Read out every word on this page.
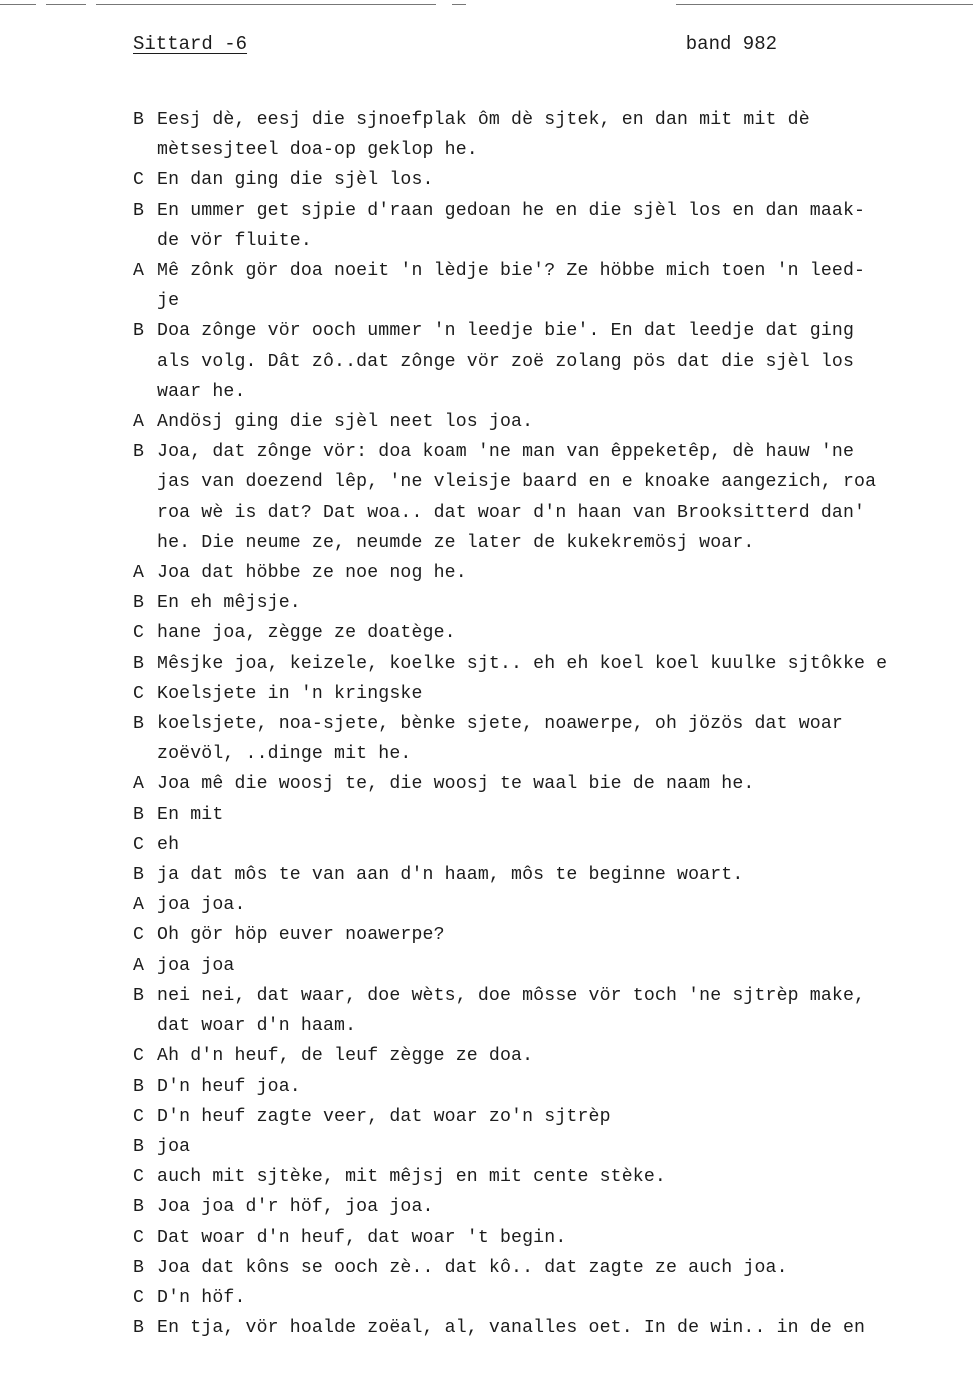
Sittard -6	band 982
B Eesj dè, eesj die sjnoefplak ôm dè sjtek, en dan mit mit dè
mètsesjteel doa-op geklop he.
C En dan ging die sjèl los.
B En ummer get sjpie d'raan gedoan he en die sjèl los en dan maak-
de vör fluite.
A Mê zônk gör doa noeit 'n lèdje bie'? Ze höbbe mich toen 'n leed-
je
B Doa zônge vör ooch ummer 'n leedje bie'. En dat leedje dat ging
als volg. Dât zô..dat zônge vör zoë zolang pös dat die sjèl los
waar he.
A Andösj ging die sjèl neet los joa.
B Joa, dat zônge vör: doa koam 'ne man van êppeketêp, dè hauw 'ne
jas van doezend lêp, 'ne vleisje baard en e knoake aangezich, roa
roa wè is dat? Dat woa.. dat woar d'n haan van Brooksitterd dan'
he. Die neume ze, neumde ze later de kukekremösj woar.
A Joa dat höbbe ze noe nog he.
B En eh mêjsje.
C hane joa, zègge ze doatège.
B Mêsjke joa, keizele, koelke sjt.. eh eh koel koel kuulke sjtôkke e
C Koelsjete in 'n kringske
B koelsjete, noa-sjete, bènke sjete, noawerpe, oh jözös dat woar
zoëvöl, ..dinge mit he.
A Joa mê die woosj te, die woosj te waal bie de naam he.
B En mit
C eh
B ja dat môs te van aan d'n haam, môs te beginne woart.
A joa joa.
C Oh gör höp euver noawerpe?
A joa joa
B nei nei, dat waar, doe wèts, doe môsse vör toch 'ne sjtrèp make,
dat woar d'n haam.
C Ah d'n heuf, de leuf zègge ze doa.
B D'n heuf joa.
C D'n heuf zagte veer, dat woar zo'n sjtrèp
B joa
C auch mit sjtèke, mit mêjsj en mit cente stèke.
B Joa joa d'r höf, joa joa.
C Dat woar d'n heuf, dat woar 't begin.
B Joa dat kôns se ooch zè.. dat kô.. dat zagte ze auch joa.
C D'n höf.
B En tja, vör hoalde zoëal, al, vanalles oet. In de win.. in de en
